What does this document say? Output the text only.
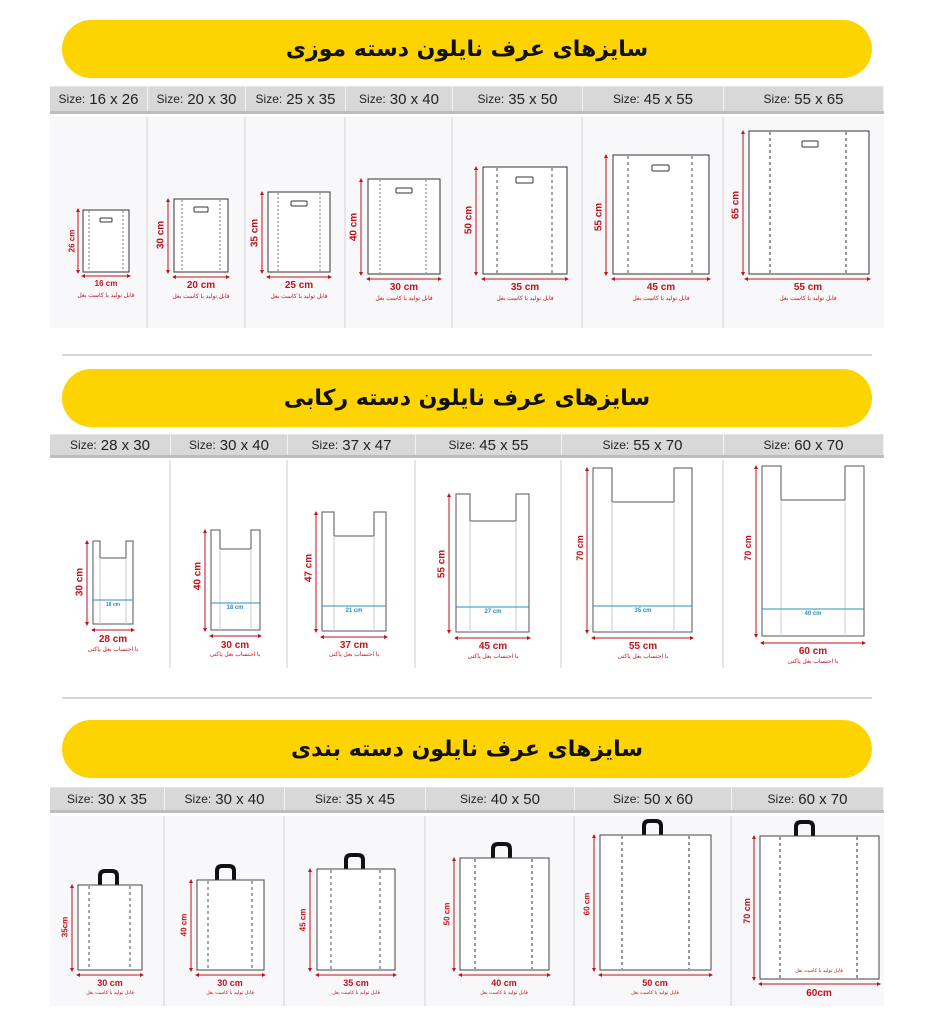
سایزهای عرف نایلون دسته موزی
Size: 16 x 26 Size: 20 x 30 Size: 25 x 35 Size: 30 x 40	Size: 35 x 50	Size: 45 x 55	Size: 55 x 65
26 cm
16 cm
قابل تولید با کاست بغل
30 cm
20 cm
قابل تولید با کاست بغل
35 cm
25 cm
قابل تولید با کاست بغل
40 cm
30 cm
قابل تولید با کاست بغل
50 cm
35 cm
قابل تولید با کاست بغل
55 cm
45 cm
قابل تولید با کاست بغل
65 cm
55 cm
قابل تولید با کاست بغل
سایزهای عرف نایلون دسته رکابی
Size: 28 x 30	Size: 30 x 40	Size: 37 x 47	Size: 45 x 55	Size: 55 x 70	Size: 60 x 70
30 cm
18 cm
28 cm
با احتساب بغل پاکتی
40 cm
18 cm
30 cm
با احتساب بغل پاکتی
47 cm
21 cm
37 cm
با احتساب بغل پاکتی
55 cm
27 cm
45 cm
با احتساب بغل پاکتی
70 cm
35 cm
55 cm
با احتساب بغل پاکتی
70 cm
40 cm
60 cm
با احتساب بغل پاکتی
سایزهای عرف نایلون دسته بندی
Size: 30 x 35	Size: 30 x 40	Size: 35 x 45	Size: 40 x 50	Size: 50 x 60	Size: 60 x 70
35cm
30 cm
قابل تولید با کاست بغل
40 cm
30 cm
قابل تولید با کاست بغل
45 cm
35 cm
قابل تولید با کاست بغل
50 cm
40 cm
قابل تولید با کاست بغل
60 cm
50 cm
قابل تولید با کاست بغل
70 cm
قابل تولید با کاست بغل
60cm
